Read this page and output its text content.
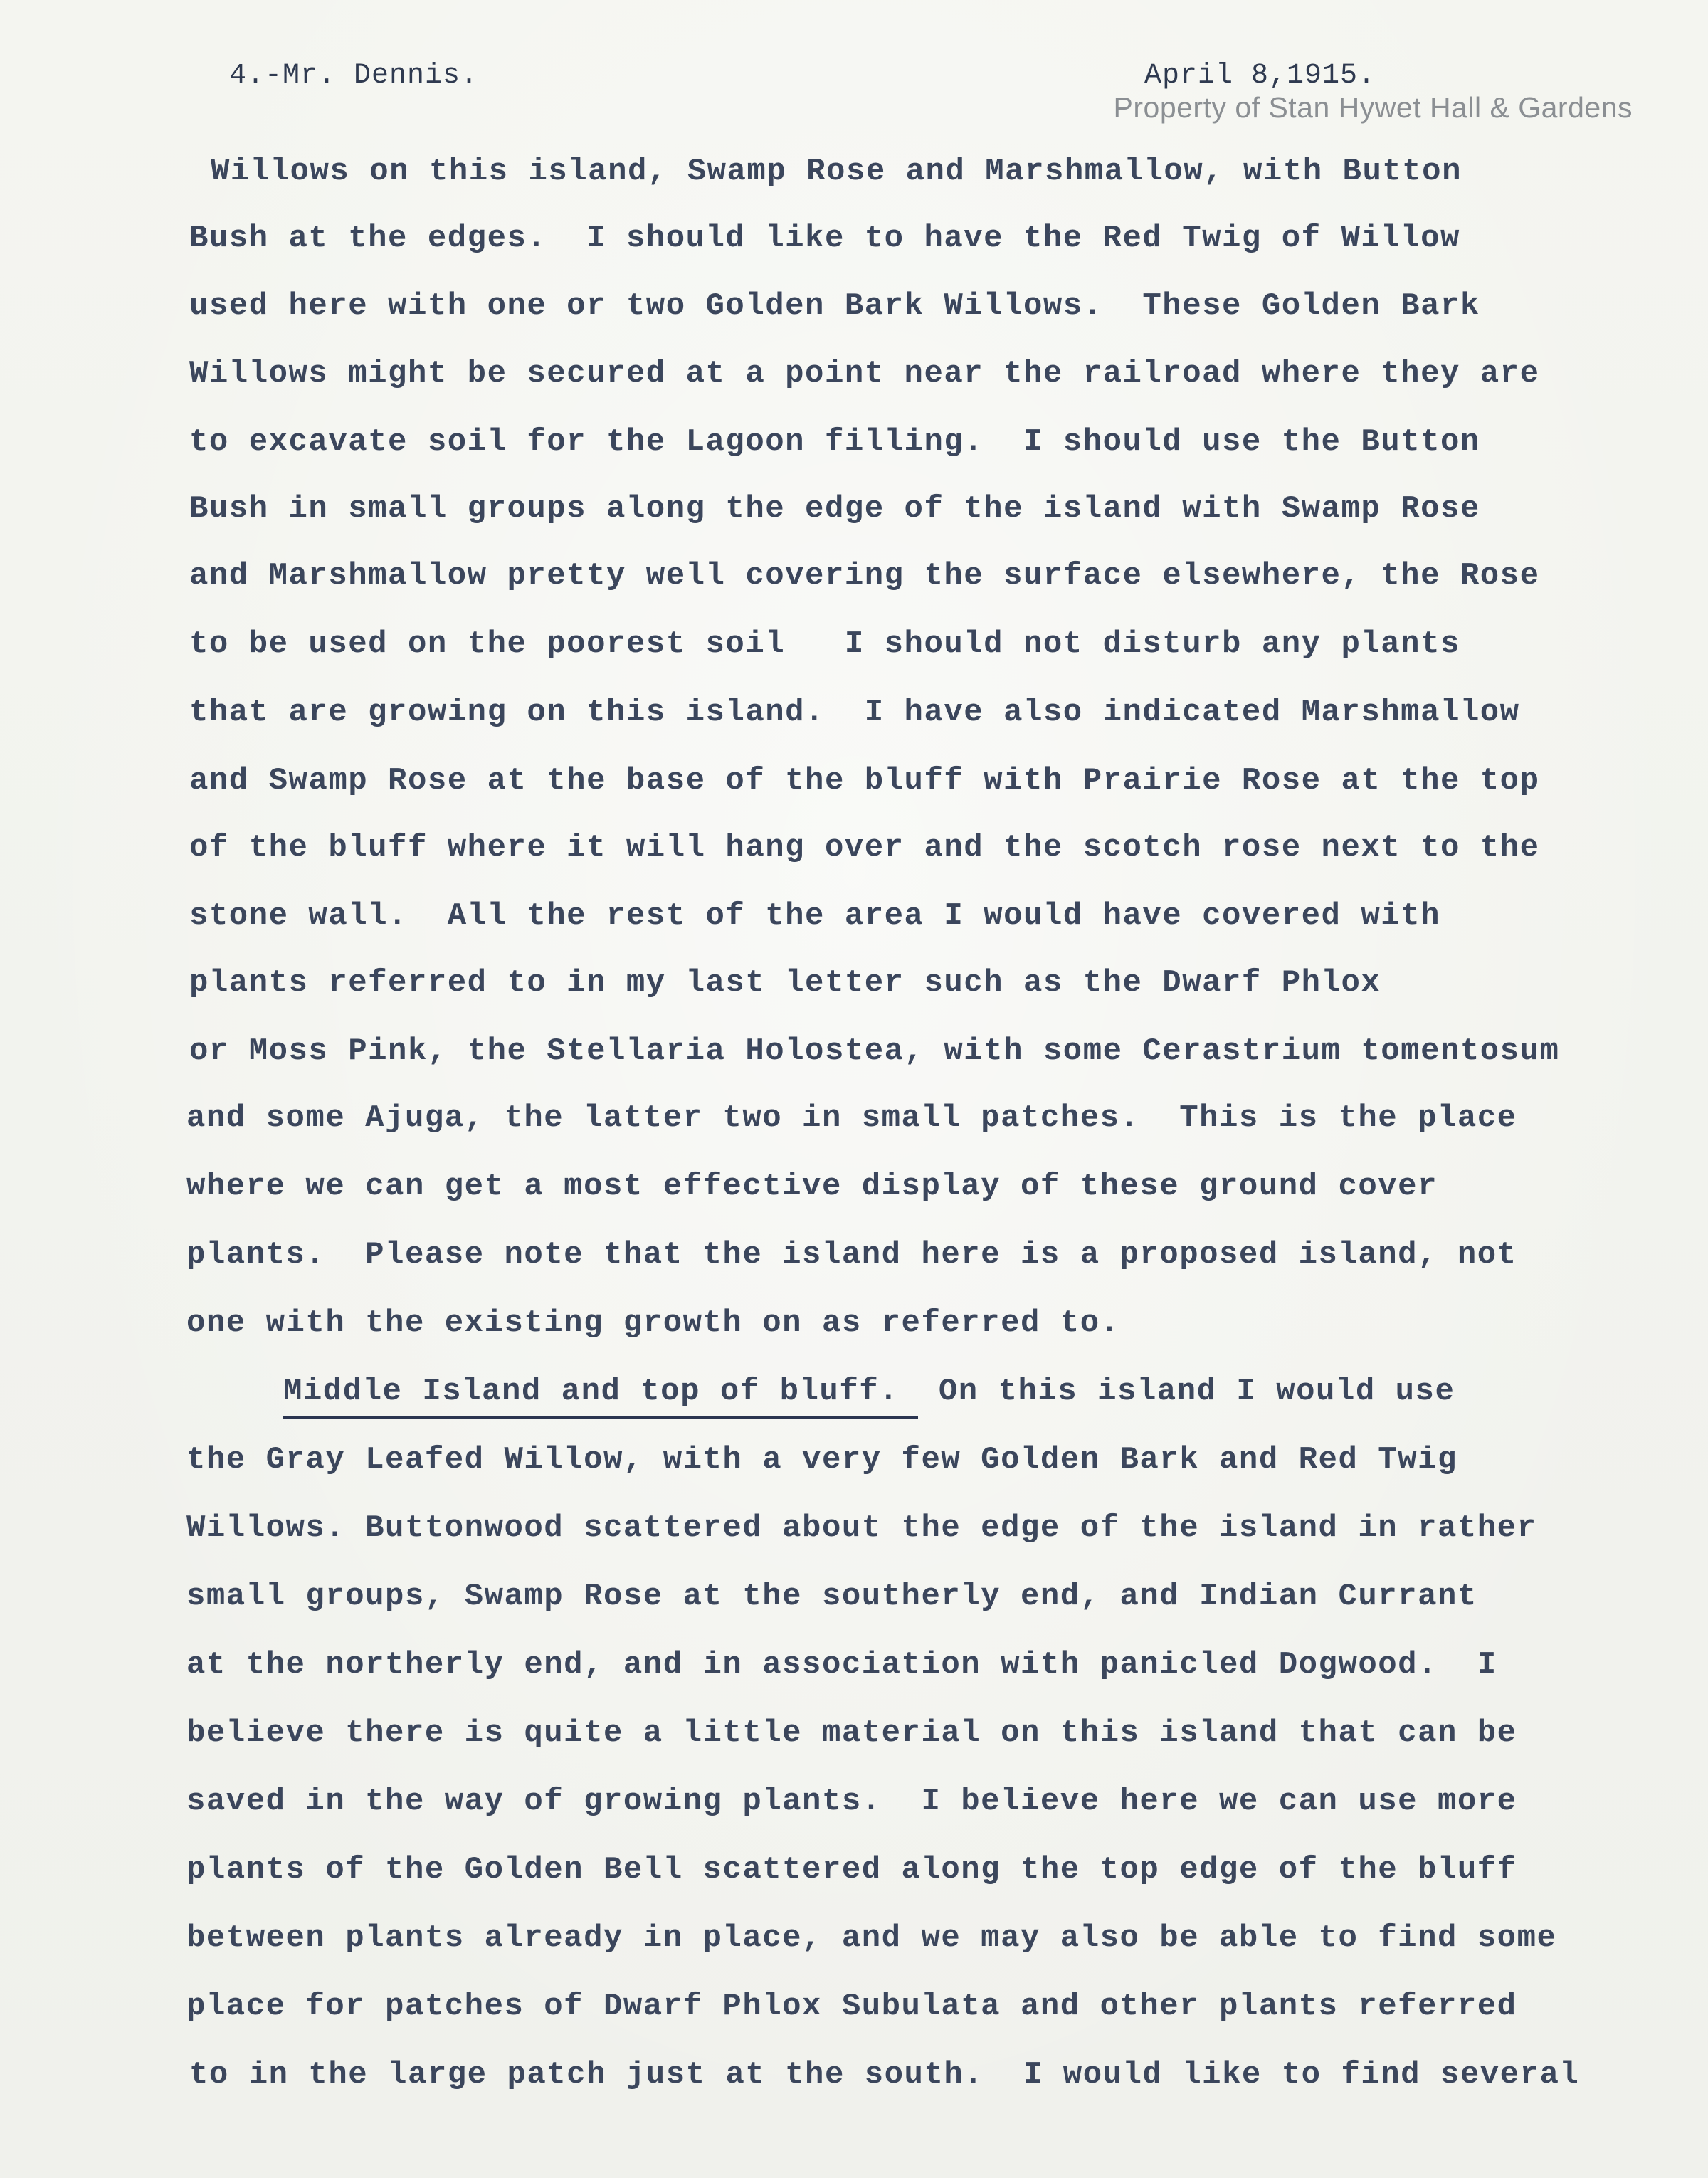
4.-Mr. Dennis.	April 8,1915.
Property of Stan Hywet Hall & Gardens
Willows on this island, Swamp Rose and Marshmallow, with Button
Bush at the edges.  I should like to have the Red Twig of Willow
used here with one or two Golden Bark Willows.  These Golden Bark
Willows might be secured at a point near the railroad where they are
to excavate soil for the Lagoon filling.  I should use the Button
Bush in small groups along the edge of the island with Swamp Rose
and Marshmallow pretty well covering the surface elsewhere, the Rose
to be used on the poorest soil   I should not disturb any plants
that are growing on this island.  I have also indicated Marshmallow
and Swamp Rose at the base of the bluff with Prairie Rose at the top
of the bluff where it will hang over and the scotch rose next to the
stone wall.  All the rest of the area I would have covered with
plants referred to in my last letter such as the Dwarf Phlox
or Moss Pink, the Stellaria Holostea, with some Cerastrium tomentosum
and some Ajuga, the latter two in small patches.  This is the place
where we can get a most effective display of these ground cover
plants.  Please note that the island here is a proposed island, not
one with the existing growth on as referred to.
Middle Island and top of bluff.  On this island I would use
the Gray Leafed Willow, with a very few Golden Bark and Red Twig
Willows. Buttonwood scattered about the edge of the island in rather
small groups, Swamp Rose at the southerly end, and Indian Currant
at the northerly end, and in association with panicled Dogwood.  I
believe there is quite a little material on this island that can be
saved in the way of growing plants.  I believe here we can use more
plants of the Golden Bell scattered along the top edge of the bluff
between plants already in place, and we may also be able to find some
place for patches of Dwarf Phlox Subulata and other plants referred
to in the large patch just at the south.  I would like to find several
